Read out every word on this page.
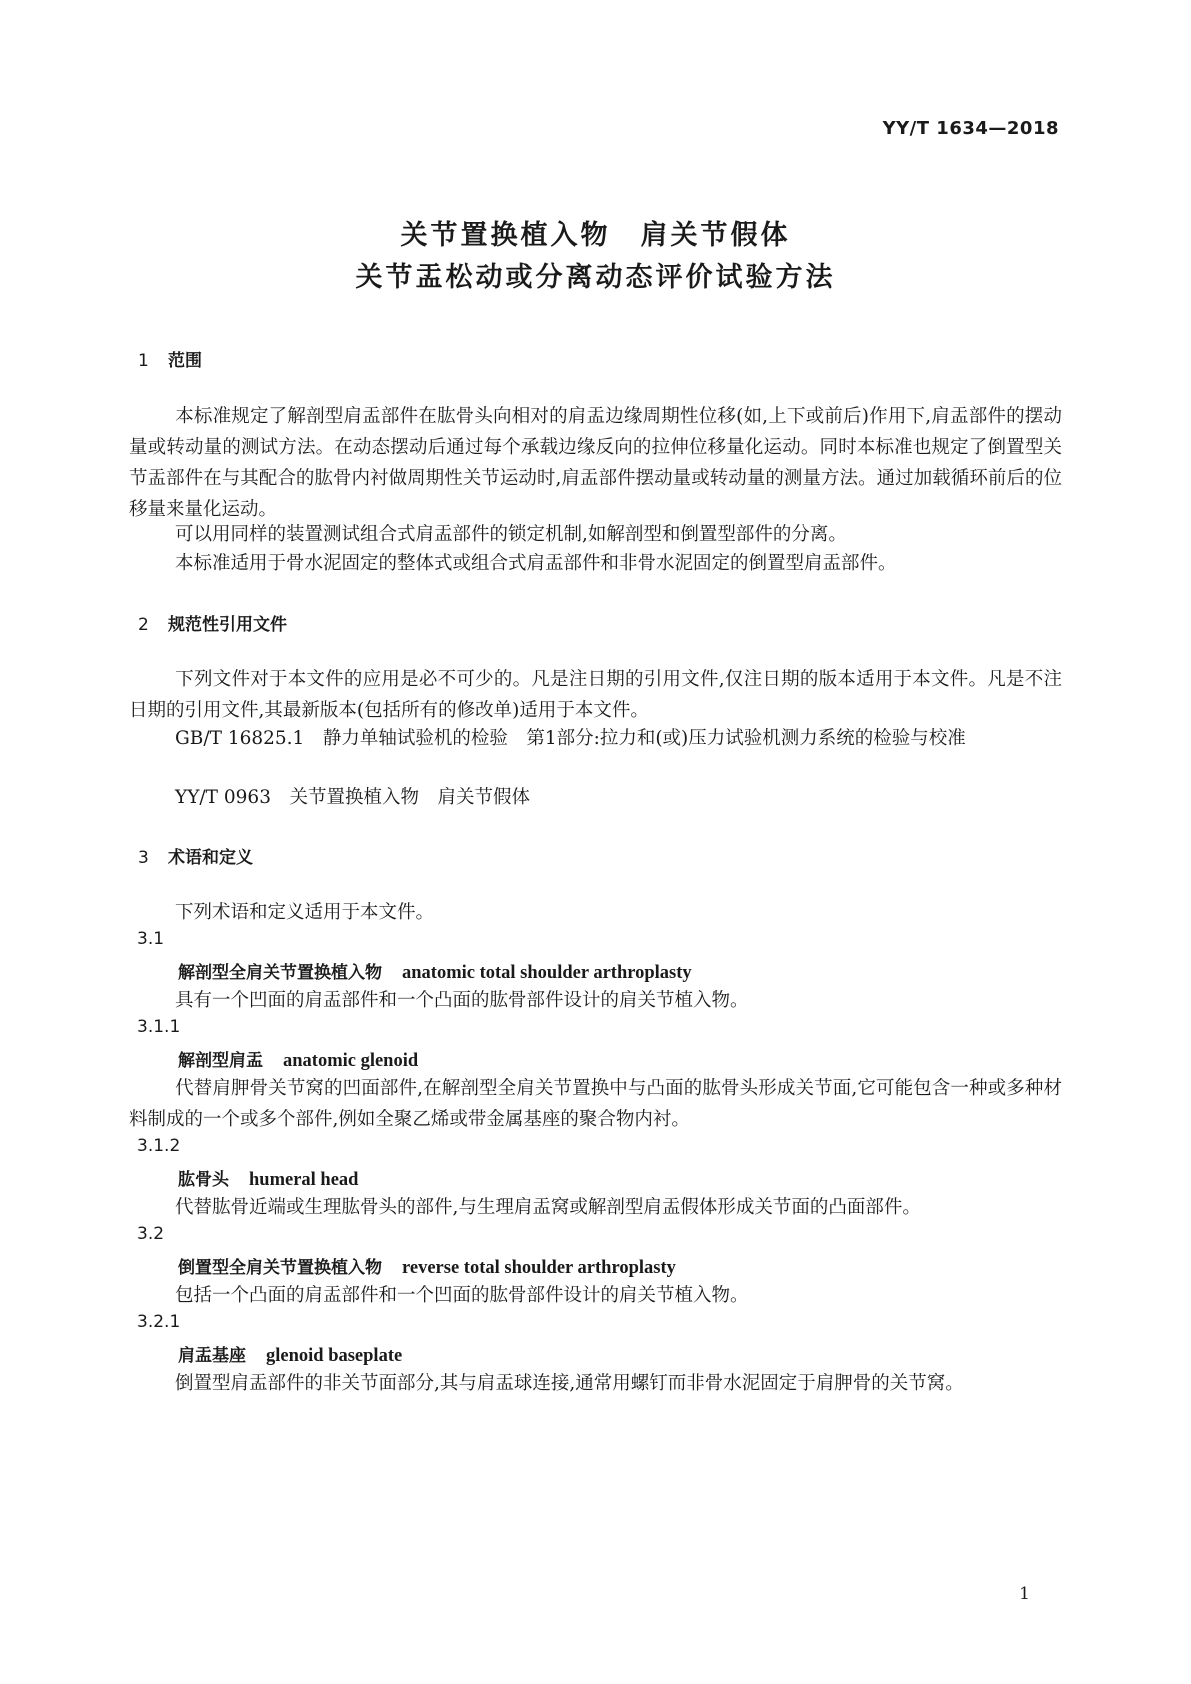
YY/T 1634—2018
关节置换植入物　肩关节假体
关节盂松动或分离动态评价试验方法
1 范围
本标准规定了解剖型肩盂部件在肱骨头向相对的肩盂边缘周期性位移(如,上下或前后)作用下,肩盂部件的摆动量或转动量的测试方法。在动态摆动后通过每个承载边缘反向的拉伸位移量化运动。同时本标准也规定了倒置型关节盂部件在与其配合的肱骨内衬做周期性关节运动时,肩盂部件摆动量或转动量的测量方法。通过加载循环前后的位移量来量化运动。
可以用同样的装置测试组合式肩盂部件的锁定机制,如解剖型和倒置型部件的分离。
本标准适用于骨水泥固定的整体式或组合式肩盂部件和非骨水泥固定的倒置型肩盂部件。
2 规范性引用文件
下列文件对于本文件的应用是必不可少的。凡是注日期的引用文件,仅注日期的版本适用于本文件。凡是不注日期的引用文件,其最新版本(包括所有的修改单)适用于本文件。
GB/T 16825.1　静力单轴试验机的检验　第1部分:拉力和(或)压力试验机测力系统的检验与校准
YY/T 0963　关节置换植入物　肩关节假体
3 术语和定义
下列术语和定义适用于本文件。
3.1
解剖型全肩关节置换植入物 anatomic total shoulder arthroplasty
具有一个凹面的肩盂部件和一个凸面的肱骨部件设计的肩关节植入物。
3.1.1
解剖型肩盂 anatomic glenoid
代替肩胛骨关节窝的凹面部件,在解剖型全肩关节置换中与凸面的肱骨头形成关节面,它可能包含一种或多种材料制成的一个或多个部件,例如全聚乙烯或带金属基座的聚合物内衬。
3.1.2
肱骨头 humeral head
代替肱骨近端或生理肱骨头的部件,与生理肩盂窝或解剖型肩盂假体形成关节面的凸面部件。
3.2
倒置型全肩关节置换植入物 reverse total shoulder arthroplasty
包括一个凸面的肩盂部件和一个凹面的肱骨部件设计的肩关节植入物。
3.2.1
肩盂基座 glenoid baseplate
倒置型肩盂部件的非关节面部分,其与肩盂球连接,通常用螺钉而非骨水泥固定于肩胛骨的关节窝。
1
